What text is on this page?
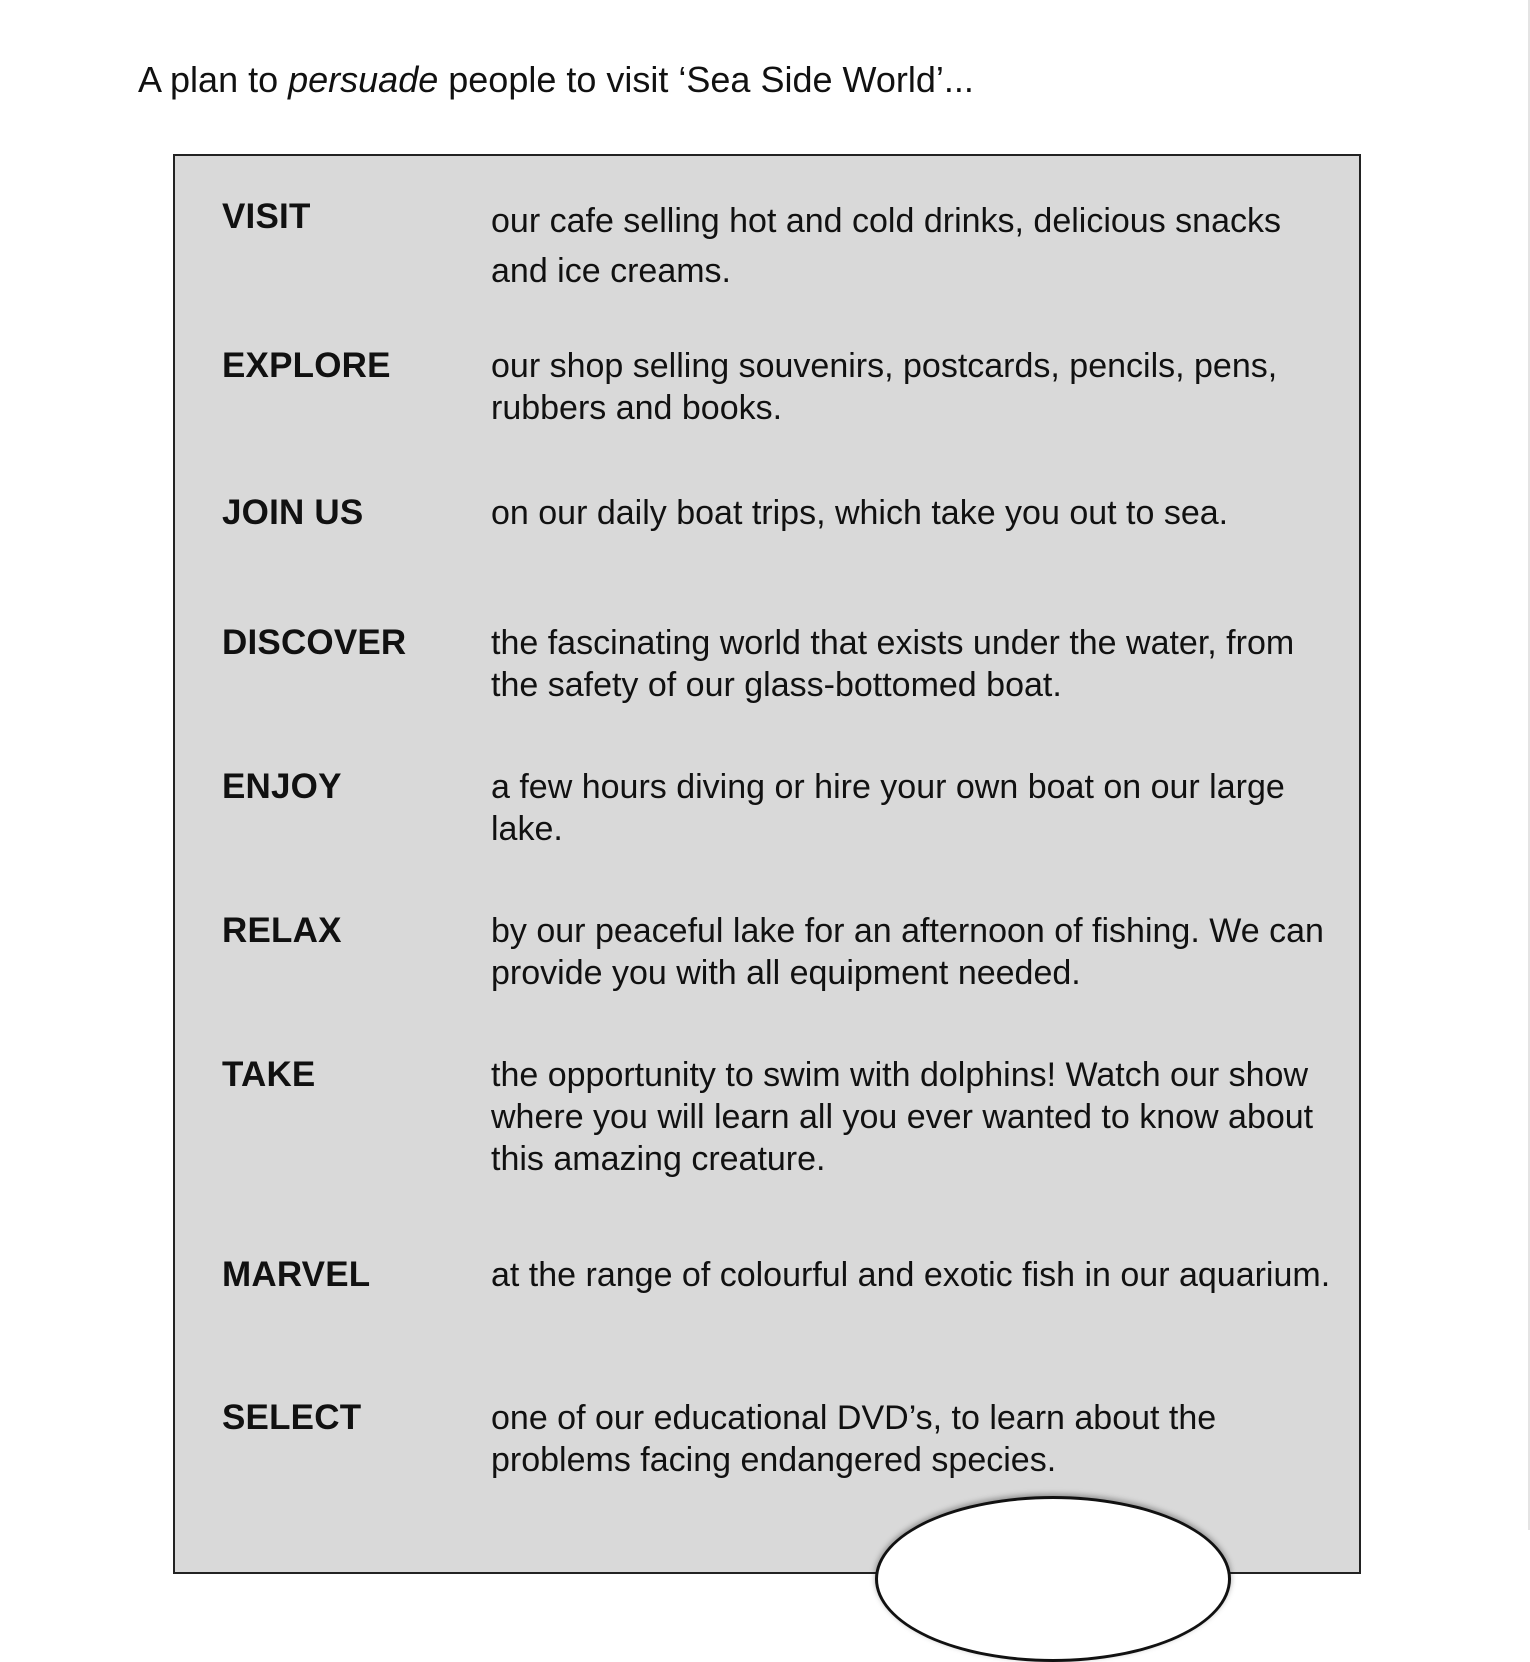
A plan to persuade people to visit ‘Sea Side World’...
VISIT	our cafe selling hot and cold drinks, delicious snacks and ice creams.
EXPLORE	our shop selling souvenirs, postcards, pencils, pens, rubbers and books.
JOIN US	on our daily boat trips, which take you out to sea.
DISCOVER the fascinating world that exists under the water, from the safety of our glass-bottomed boat.
ENJOY	a few hours diving or hire your own boat on our large lake.
RELAX	by our peaceful lake for an afternoon of fishing. We can provide you with all equipment needed.
TAKE	the opportunity to swim with dolphins! Watch our show where you will learn all you ever wanted to know about this amazing creature.
MARVEL	at the range of colourful and exotic fish in our aquarium.
SELECT	one of our educational DVD’s, to learn about the problems facing endangered species.
